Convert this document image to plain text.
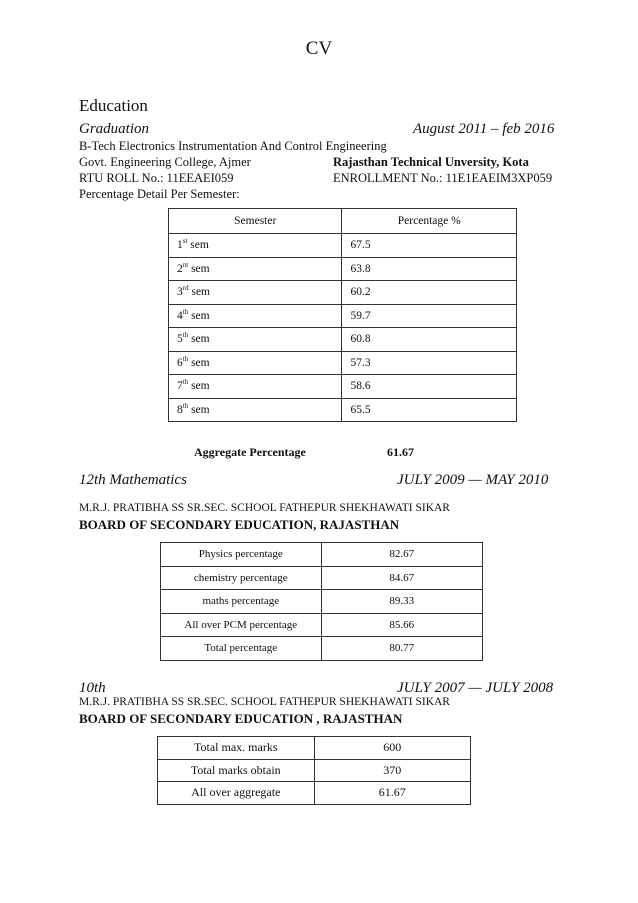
CV
Education
Graduation	August 2011 – feb 2016
B-Tech Electronics Instrumentation And Control Engineering
Govt. Engineering College, Ajmer	Rajasthan Technical Unversity, Kota
RTU ROLL No.: 11EEAEI059	ENROLLMENT No.: 11E1EAEIM3XP059
Percentage Detail Per Semester:
Semester	Percentage %
1st sem	67.5
$2^{nt}$ sem	63.8
3rd sem	60.2
4th sem	59.7
5th sem	60.8
6th sem	57.3
7th sem	58.6
8th sem	65.5
Aggregate Percentage	61.67
12th Mathematics	JULY 2009 — MAY 2010
M.R.J. PRATIBHA SS SR.SEC. SCHOOL FATHEPUR SHEKHAWATI SIKAR
BOARD OF SECONDARY EDUCATION, RAJASTHAN
Physics percentage	82.67
chemistry percentage	84.67
maths percentage	89.33
All over PCM percentage	85.66
Total percentage	80.77
10th	JULY 2007 — JULY 2008
M.R.J. PRATIBHA SS SR.SEC. SCHOOL FATHEPUR SHEKHAWATI SIKAR
BOARD OF SECONDARY EDUCATION , RAJASTHAN
Total max. marks	600
Total marks obtain	370
All over aggregate	61.67
